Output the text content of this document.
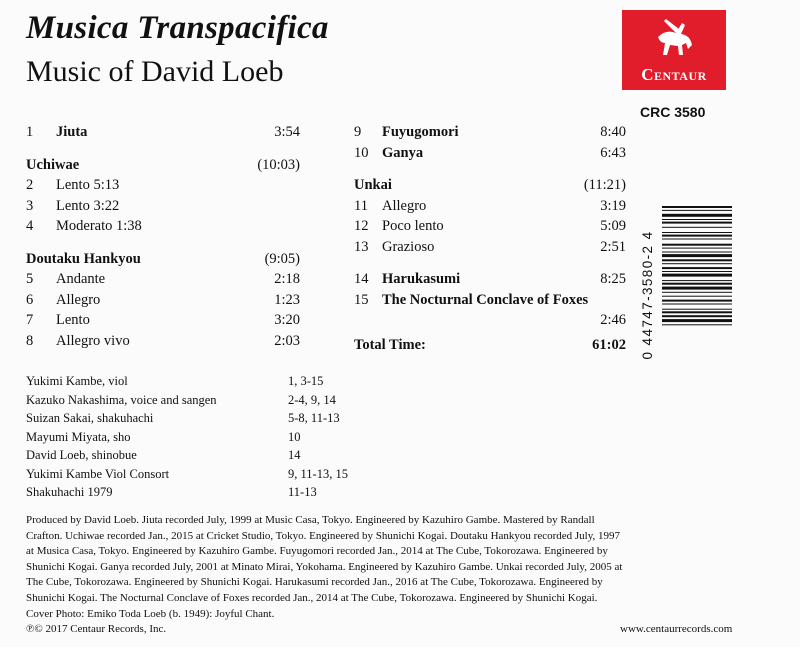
Musica Transpacifica
Music of David Loeb	Centaur
CRC 3580
1 Jiuta	3:54
Uchiwae	(10:03)
2 Lento 5:13
3 Lento 3:22
4 Moderato 1:38
Doutaku Hankyou	(9:05)
5 Andante	2:18
6 Allegro	1:23
7 Lento	3:20
8 Allegro vivo	2:03
9 Fuyugomori	8:40
10 Ganya	6:43
Unkai	(11:21)
11 Allegro	3:19
12 Poco lento	5:09
13 Grazioso	2:51
14 Harukasumi	8:25
15 The Nocturnal Conclave of Foxes
2:46
Total Time:	61:02
Yukimi Kambe, viol	1, 3-15
Kazuko Nakashima, voice and sangen	2-4, 9, 14
Suizan Sakai, shakuhachi	5-8, 11-13
Mayumi Miyata, sho	10
David Loeb, shinobue	14
Yukimi Kambe Viol Consort	9, 11-13, 15
Shakuhachi 1979	11-13
0 44747-3580-2 4
Produced by David Loeb. Jiuta recorded July, 1999 at Music Casa, Tokyo. Engineered by Kazuhiro Gambe. Mastered by Randall
Crafton. Uchiwae recorded Jan., 2015 at Cricket Studio, Tokyo. Engineered by Shunichi Kogai. Doutaku Hankyou recorded July, 1997
at Musica Casa, Tokyo. Engineered by Kazuhiro Gambe. Fuyugomori recorded Jan., 2014 at The Cube, Tokorozawa. Engineered by
Shunichi Kogai. Ganya recorded July, 2001 at Minato Mirai, Yokohama. Engineered by Kazuhiro Gambe. Unkai recorded July, 2005 at
The Cube, Tokorozawa. Engineered by Shunichi Kogai. Harukasumi recorded Jan., 2016 at The Cube, Tokorozawa. Engineered by
Shunichi Kogai. The Nocturnal Conclave of Foxes recorded Jan., 2014 at The Cube, Tokorozawa. Engineered by Shunichi Kogai.
Cover Photo: Emiko Toda Loeb (b. 1949): Joyful Chant.
℗© 2017 Centaur Records, Inc.	www.centaurrecords.com
